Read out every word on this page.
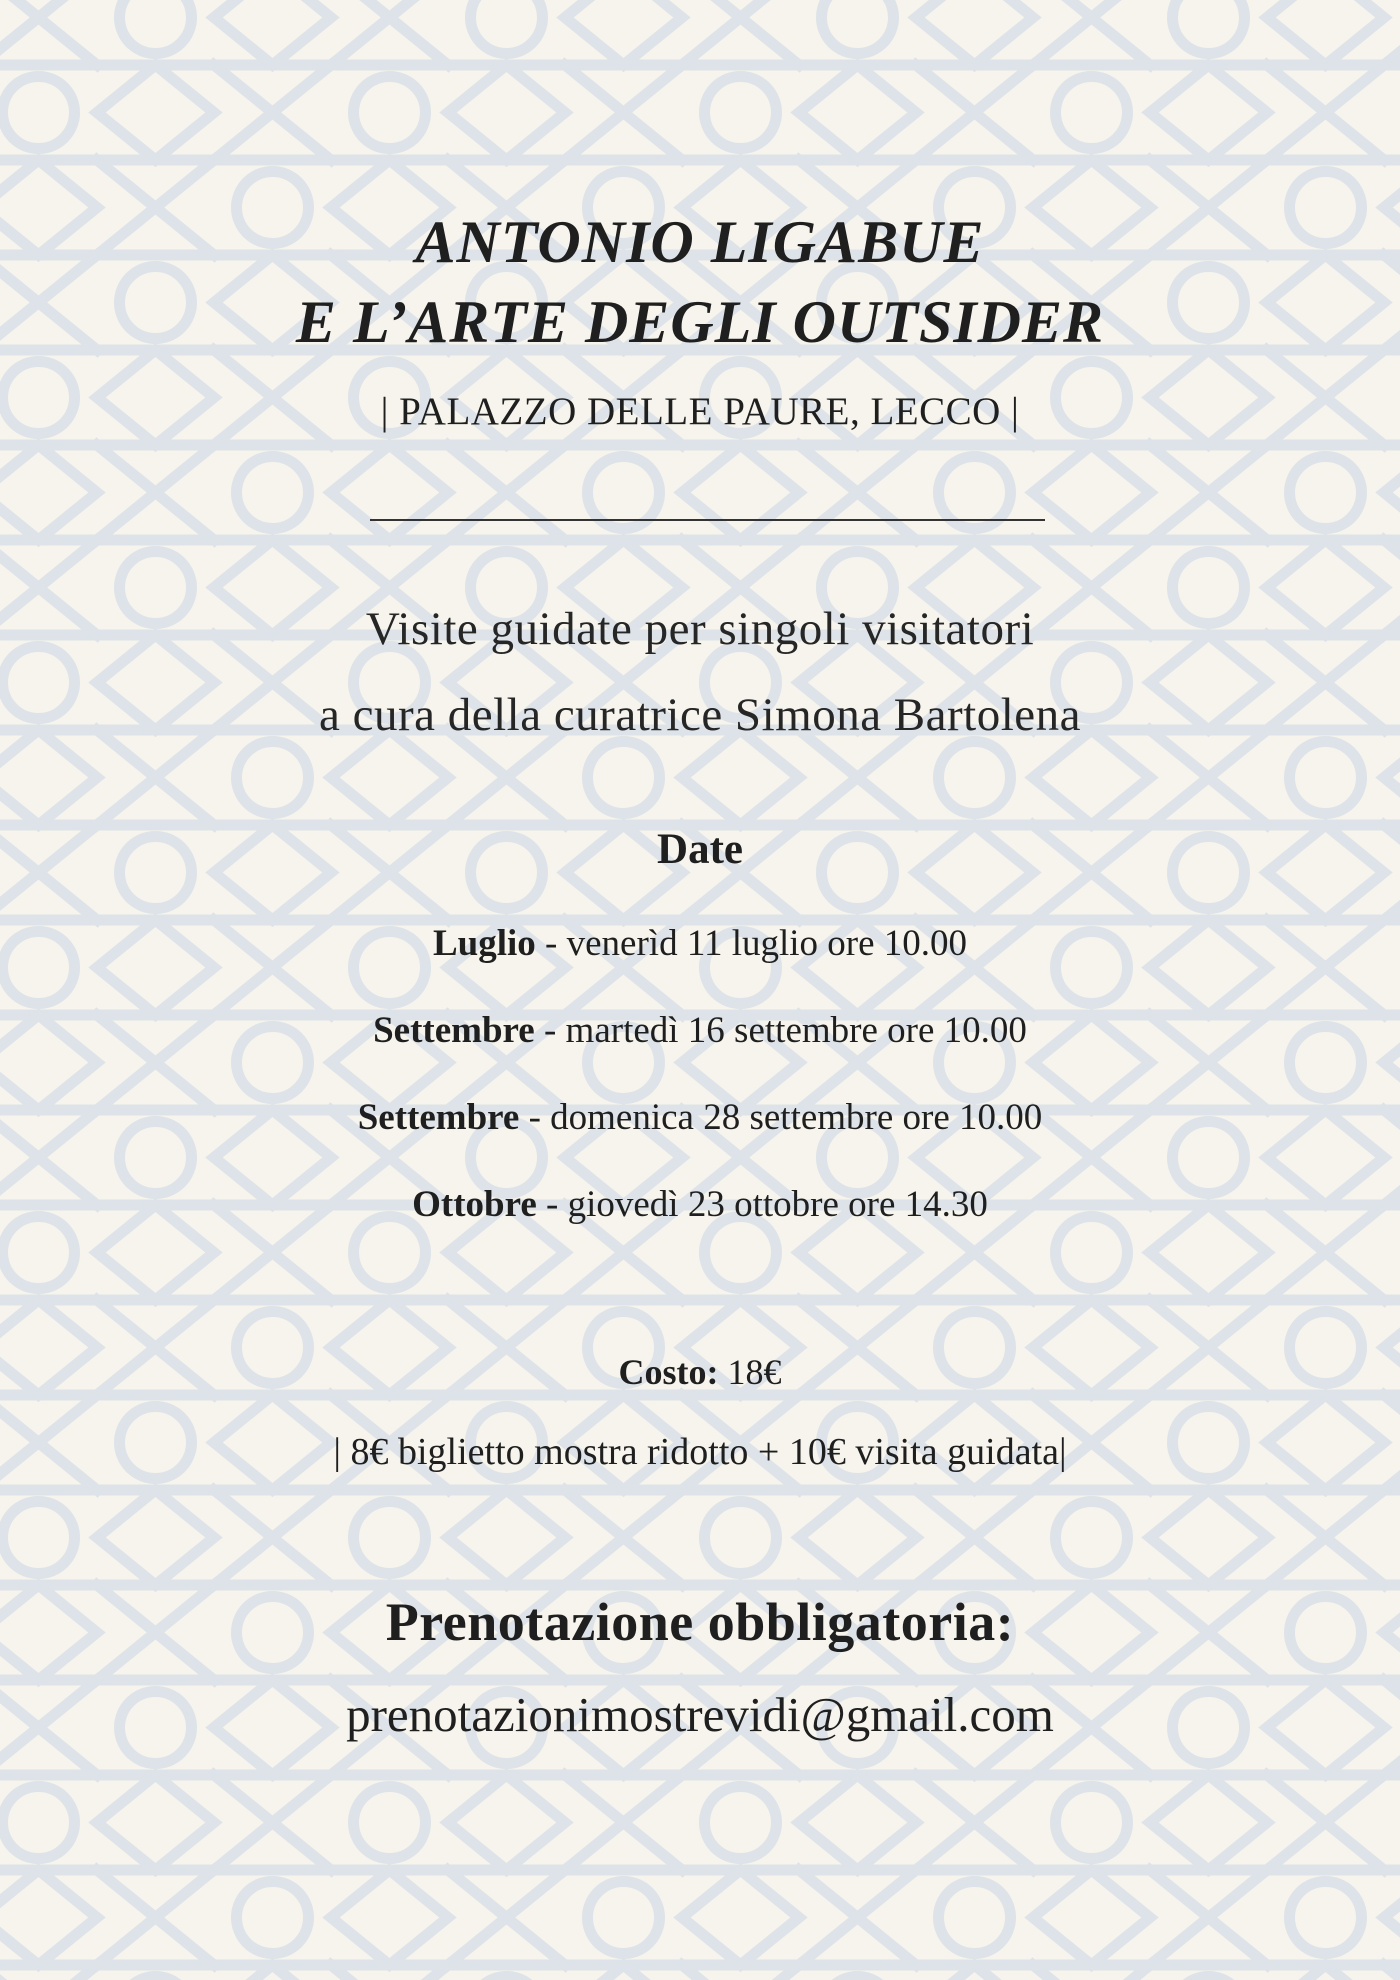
ANTONIO LIGABUE
E L’ARTE DEGLI OUTSIDER
| PALAZZO DELLE PAURE, LECCO |
Visite guidate per singoli visitatori
a cura della curatrice Simona Bartolena
Date
Luglio - venerìd 11 luglio ore 10.00
Settembre - martedì 16 settembre ore 10.00
Settembre - domenica 28 settembre ore 10.00
Ottobre - giovedì 23 ottobre ore 14.30
Costo: 18€
| 8€ biglietto mostra ridotto + 10€ visita guidata|
Prenotazione obbligatoria:
prenotazionimostrevidi@gmail.com
